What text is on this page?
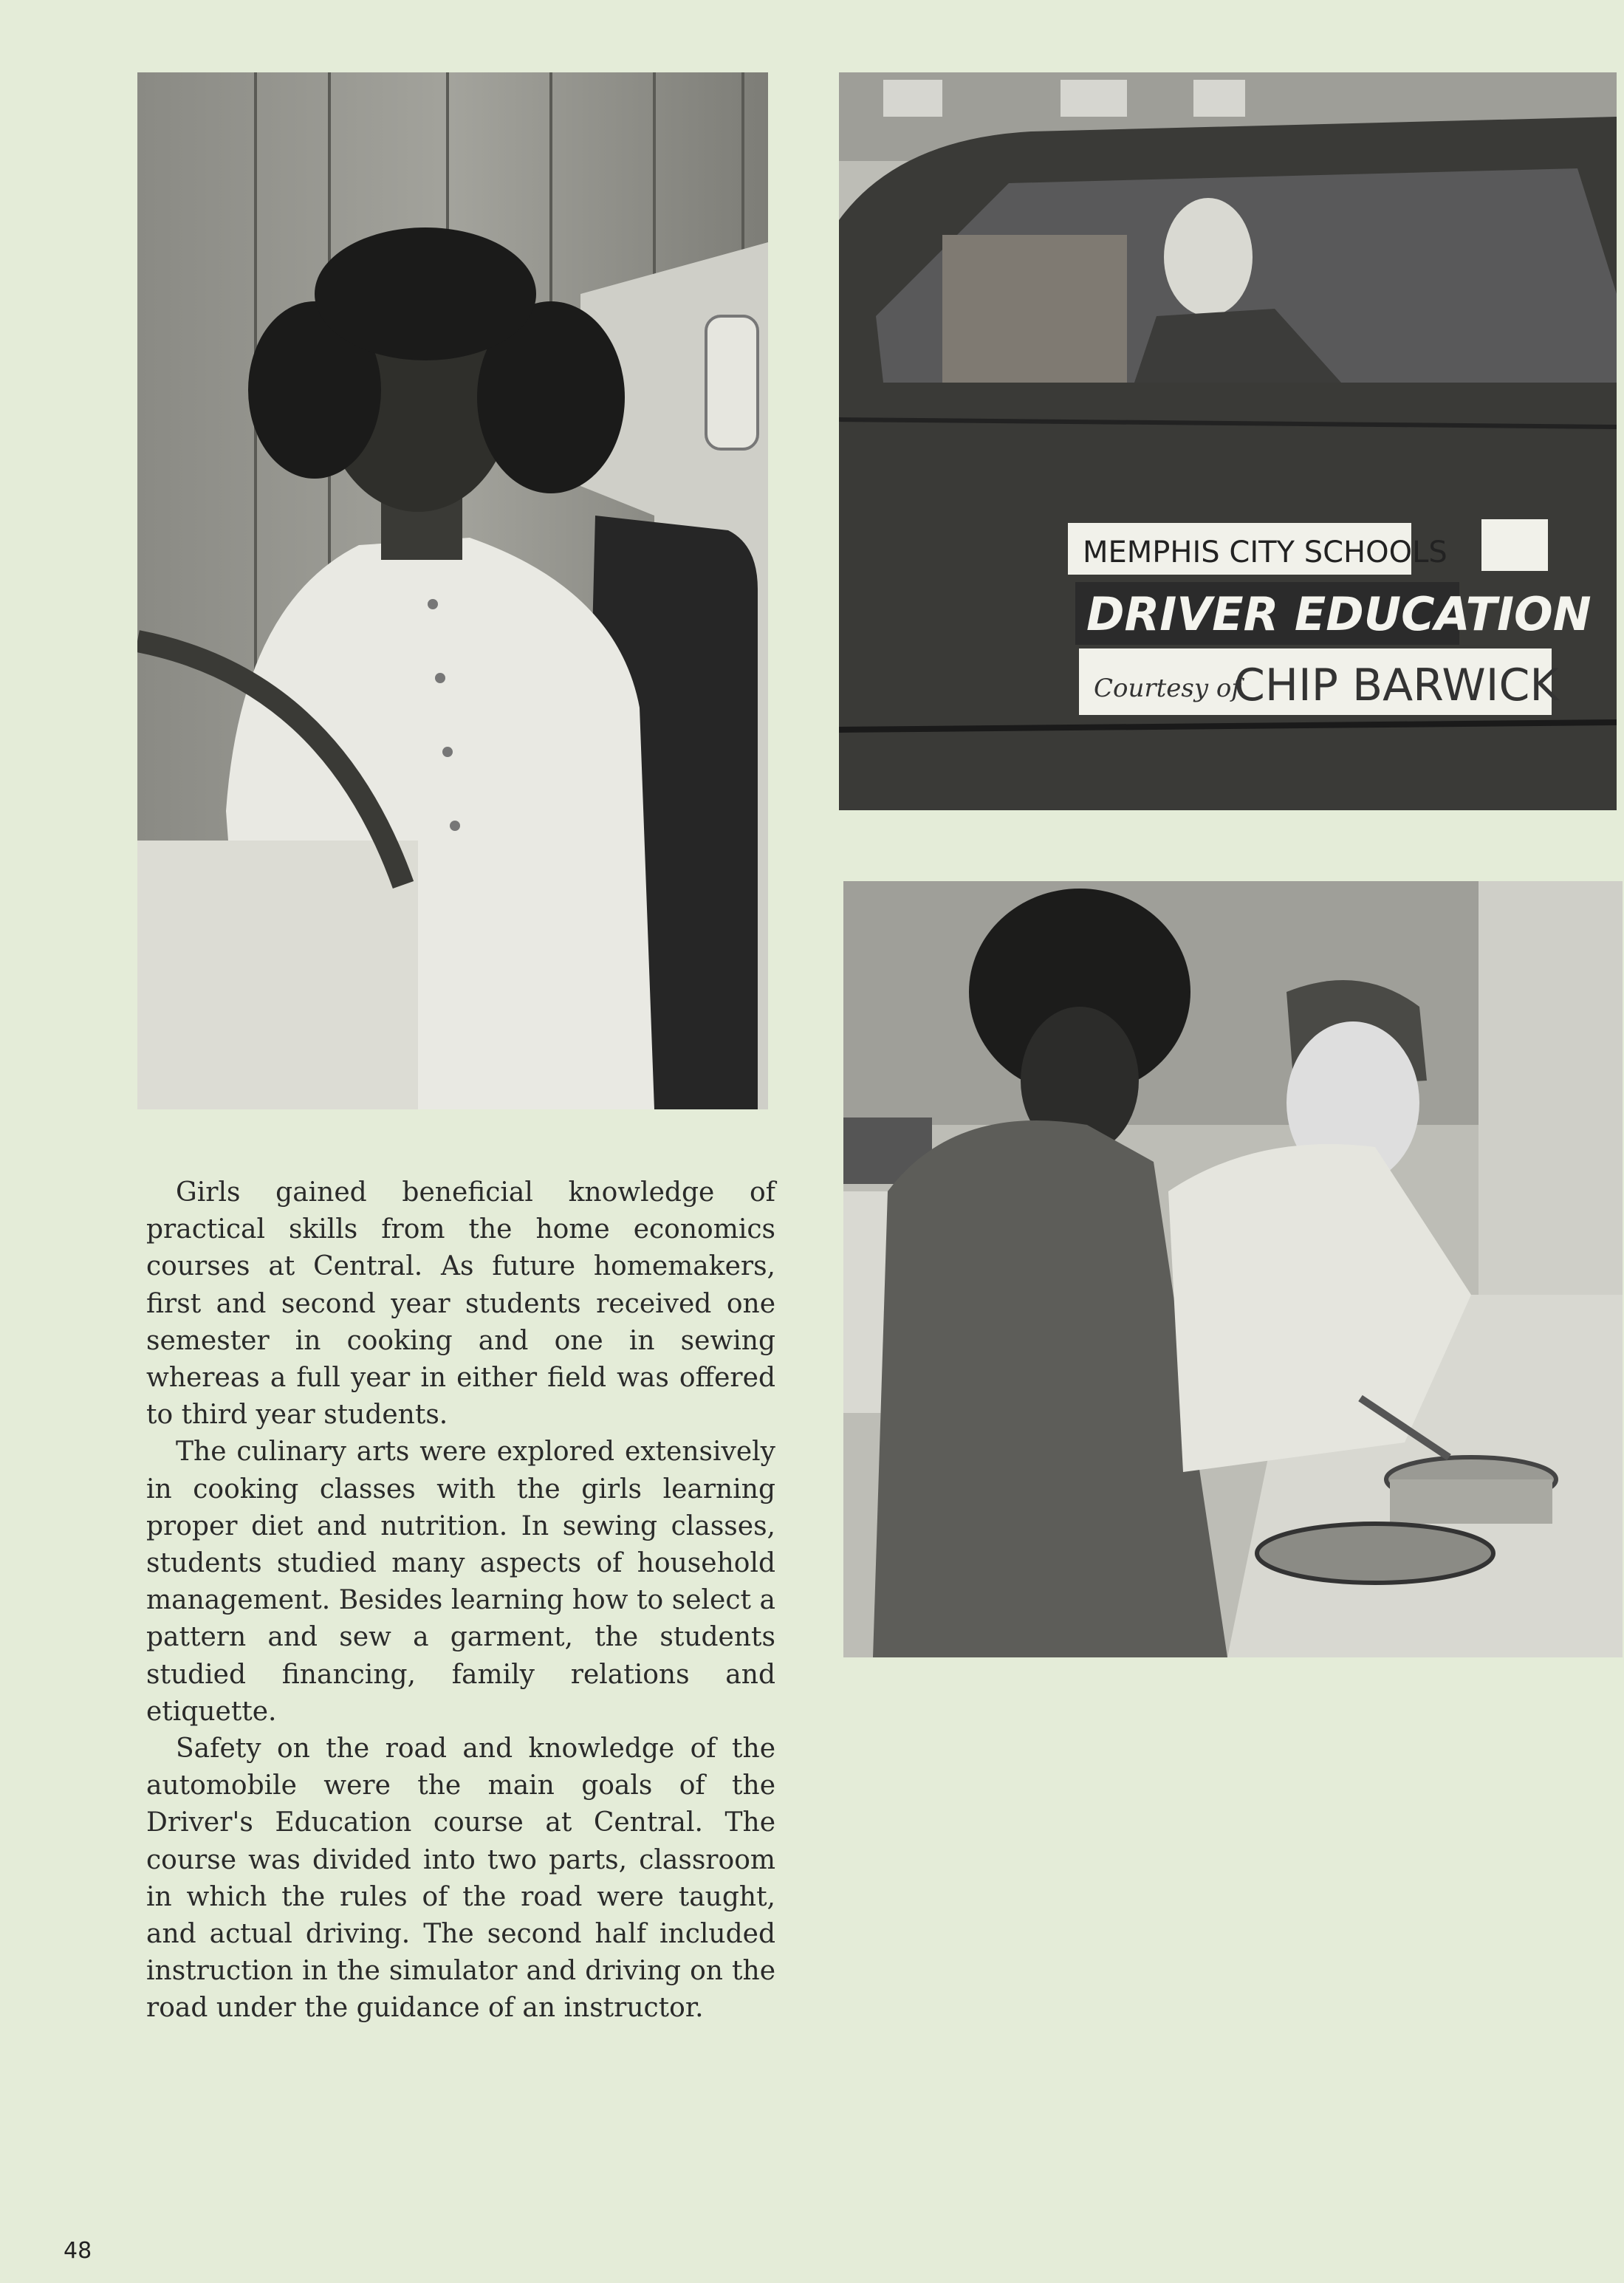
MEMPHIS CITY SCHOOLS
DRIVER EDUCATION
Courtesy of
CHIP BARWICK

Girls gained beneficial knowledge of practical skills from the home economics courses at Central. As future homemakers, first and second year students received one semester in cooking and one in sewing whereas a full year in either field was offered to third year students.

The culinary arts were explored extensively in cooking classes with the girls learning proper diet and nutrition. In sewing classes, students studied many aspects of household management. Besides learning how to select a pattern and sew a garment, the students studied financing, family relations and etiquette.

Safety on the road and knowledge of the automobile were the main goals of the Driver's Education course at Central. The course was divided into two parts, classroom in which the rules of the road were taught, and actual driving. The second half included instruction in the simulator and driving on the road under the guidance of an instructor.

48
